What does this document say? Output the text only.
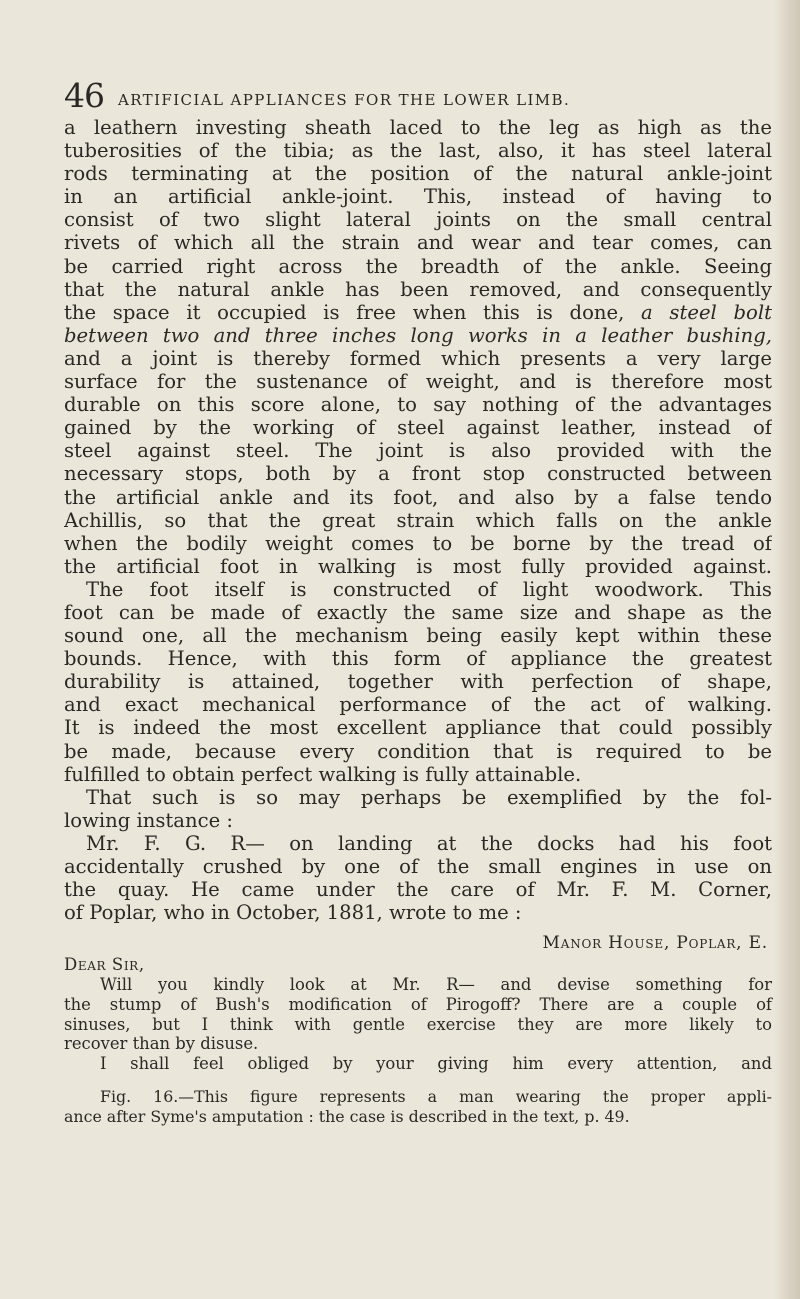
46 ARTIFICIAL APPLIANCES FOR THE LOWER LIMB.
a leathern investing sheath laced to the leg as high as the
tuberosities of the tibia; as the last, also, it has steel lateral
rods terminating at the position of the natural ankle-joint
in an artificial ankle-joint. This, instead of having to
consist of two slight lateral joints on the small central
rivets of which all the strain and wear and tear comes, can
be carried right across the breadth of the ankle. Seeing
that the natural ankle has been removed, and consequently
the space it occupied is free when this is done, a steel bolt
between two and three inches long works in a leather bushing,
and a joint is thereby formed which presents a very large
surface for the sustenance of weight, and is therefore most
durable on this score alone, to say nothing of the advantages
gained by the working of steel against leather, instead of
steel against steel. The joint is also provided with the
necessary stops, both by a front stop constructed between
the artificial ankle and its foot, and also by a false tendo
Achillis, so that the great strain which falls on the ankle
when the bodily weight comes to be borne by the tread of
the artificial foot in walking is most fully provided against.
The foot itself is constructed of light woodwork. This
foot can be made of exactly the same size and shape as the
sound one, all the mechanism being easily kept within these
bounds. Hence, with this form of appliance the greatest
durability is attained, together with perfection of shape,
and exact mechanical performance of the act of walking.
It is indeed the most excellent appliance that could possibly
be made, because every condition that is required to be
fulfilled to obtain perfect walking is fully attainable.
That such is so may perhaps be exemplified by the fol-
lowing instance :
Mr. F. G. R— on landing at the docks had his foot
accidentally crushed by one of the small engines in use on
the quay. He came under the care of Mr. F. M. Corner,
of Poplar, who in October, 1881, wrote to me :
Manor House, Poplar, E.
Dear Sir,
Will you kindly look at Mr. R— and devise something for
the stump of Bush's modification of Pirogoff? There are a couple of
sinuses, but I think with gentle exercise they are more likely to
recover than by disuse.
I shall feel obliged by your giving him every attention, and
Fig. 16.—This figure represents a man wearing the proper appli-
ance after Syme's amputation : the case is described in the text, p. 49.
